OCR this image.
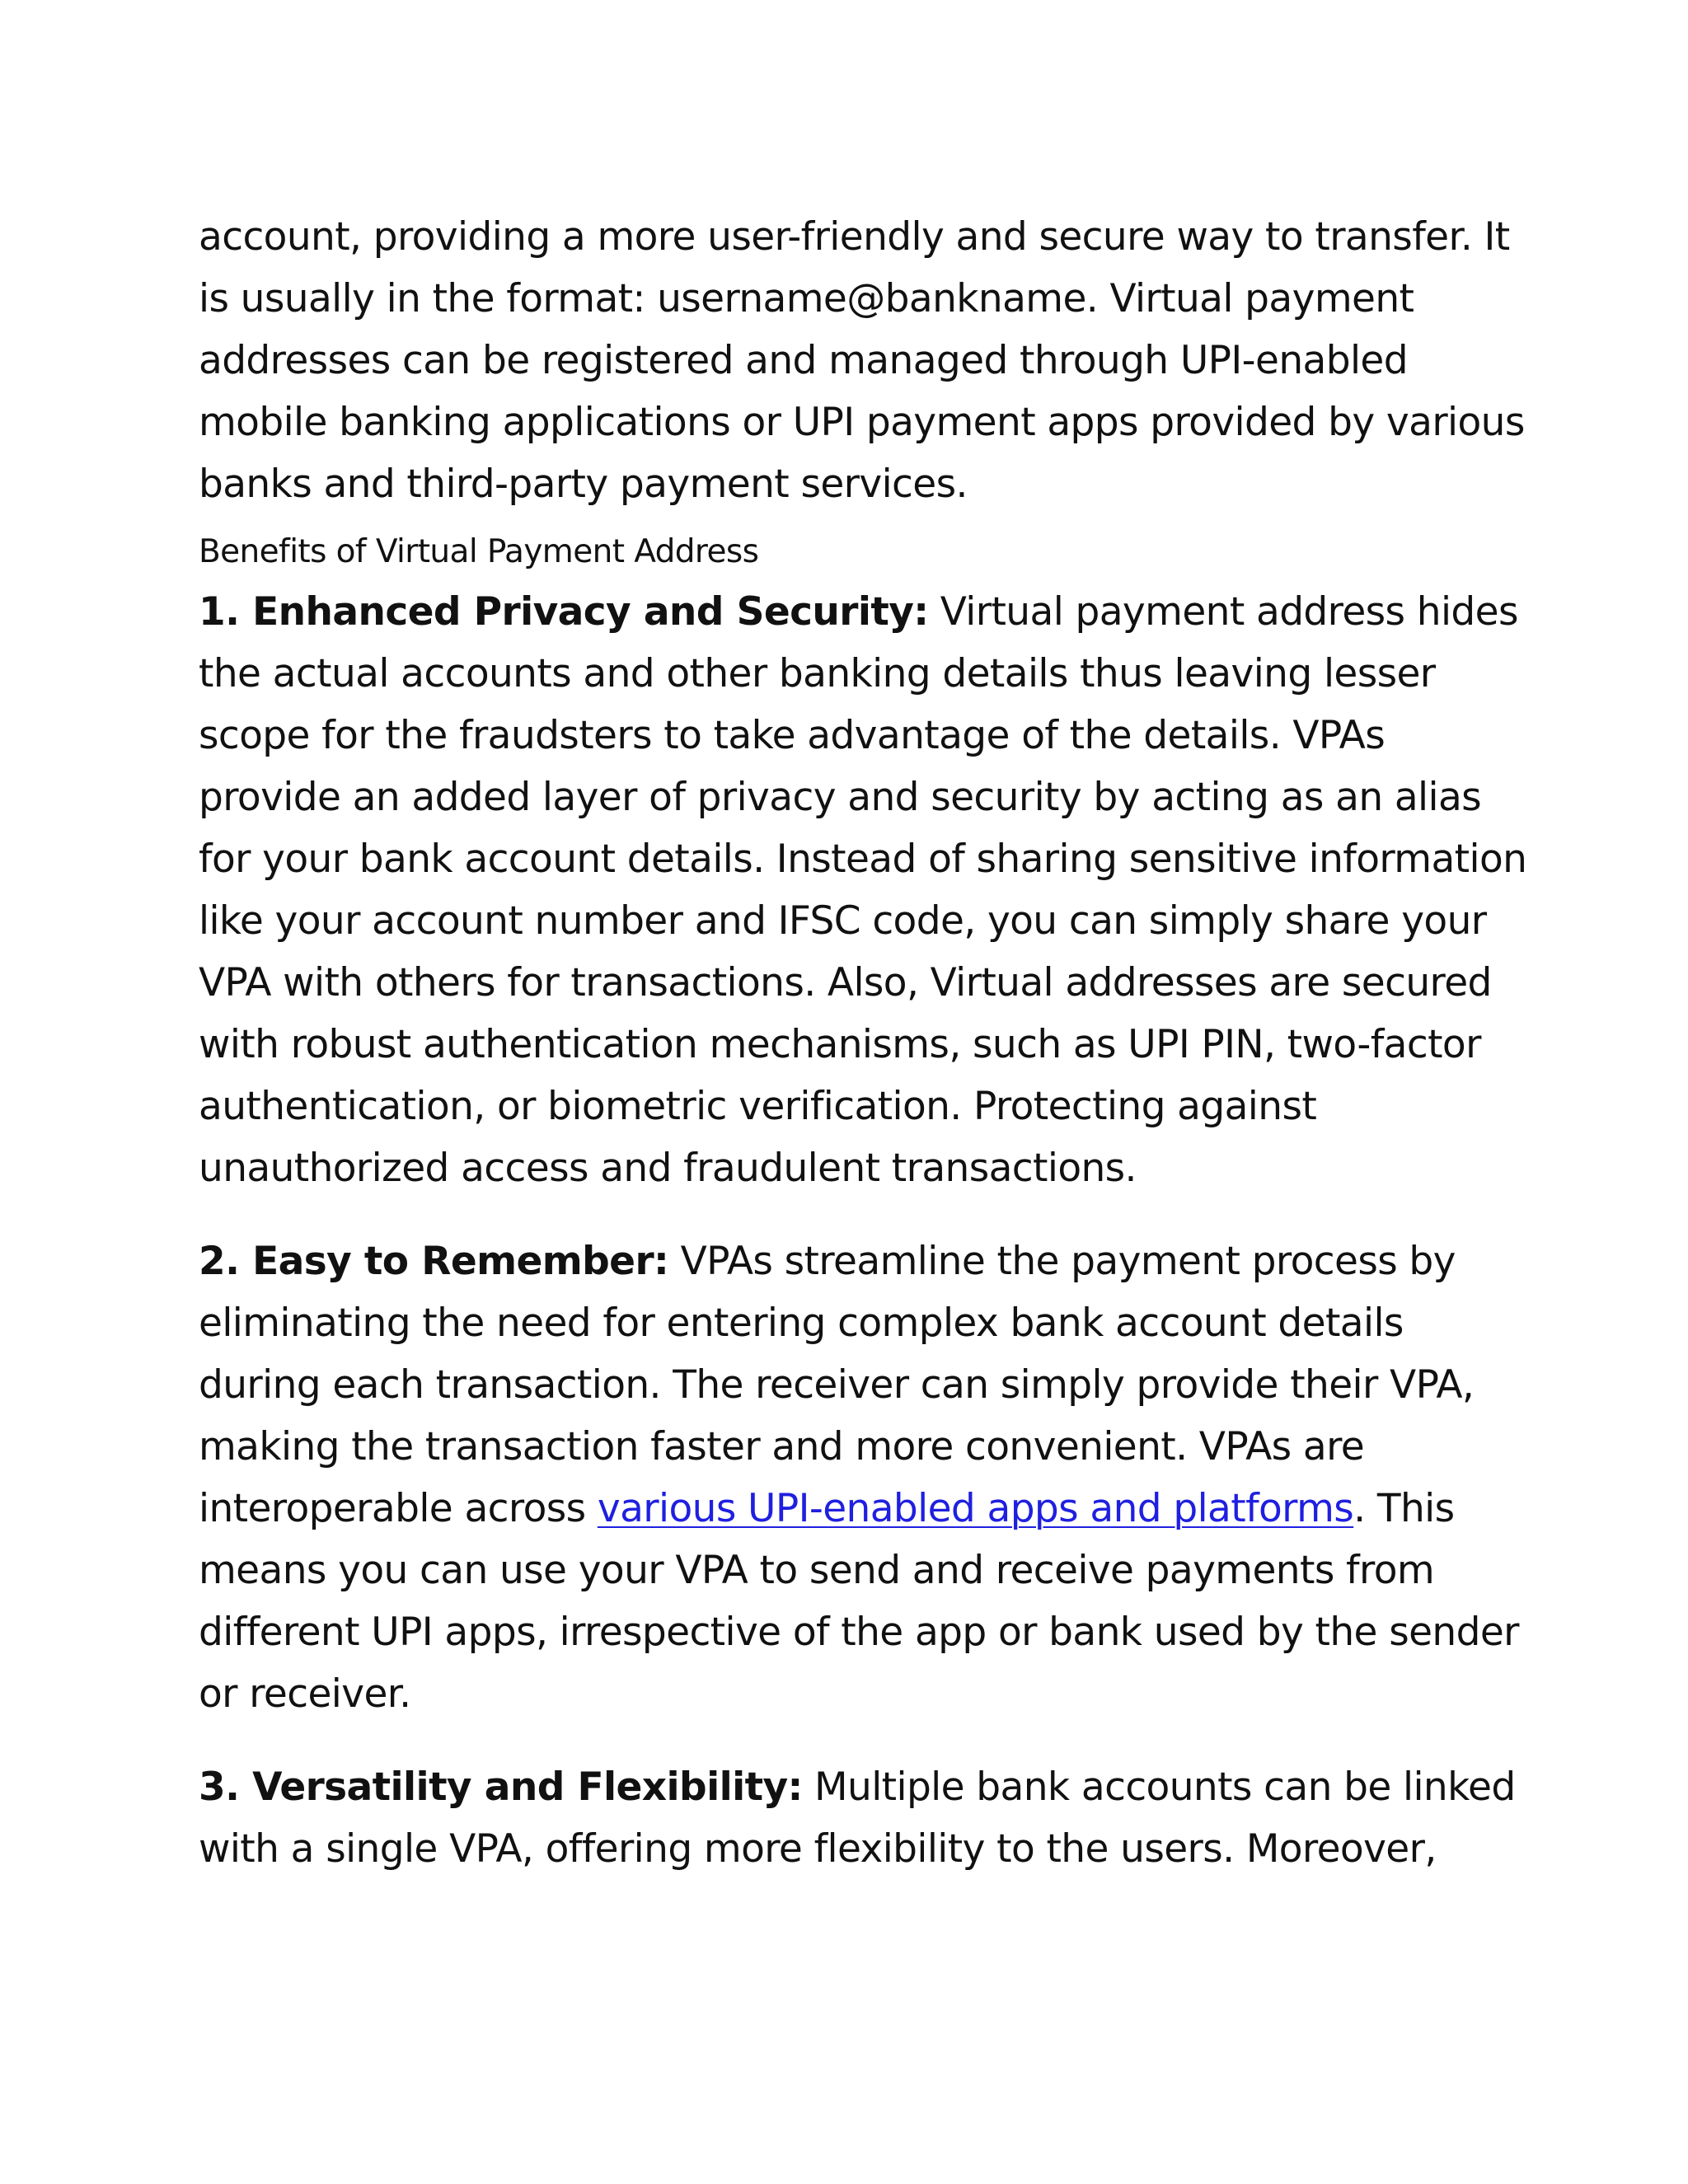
account, providing a more user-friendly and secure way to transfer. It is usually in the format: username@bankname. Virtual payment addresses can be registered and managed through UPI-enabled mobile banking applications or UPI payment apps provided by various banks and third-party payment services.

Benefits of Virtual Payment Address

1. Enhanced Privacy and Security: Virtual payment address hides the actual accounts and other banking details thus leaving lesser scope for the fraudsters to take advantage of the details. VPAs provide an added layer of privacy and security by acting as an alias for your bank account details. Instead of sharing sensitive information like your account number and IFSC code, you can simply share your VPA with others for transactions. Also, Virtual addresses are secured with robust authentication mechanisms, such as UPI PIN, two-factor authentication, or biometric verification. Protecting against unauthorized access and fraudulent transactions.

2. Easy to Remember: VPAs streamline the payment process by eliminating the need for entering complex bank account details during each transaction. The receiver can simply provide their VPA, making the transaction faster and more convenient. VPAs are interoperable across various UPI-enabled apps and platforms. This means you can use your VPA to send and receive payments from different UPI apps, irrespective of the app or bank used by the sender or receiver.

3. Versatility and Flexibility: Multiple bank accounts can be linked with a single VPA, offering more flexibility to the users. Moreover,
